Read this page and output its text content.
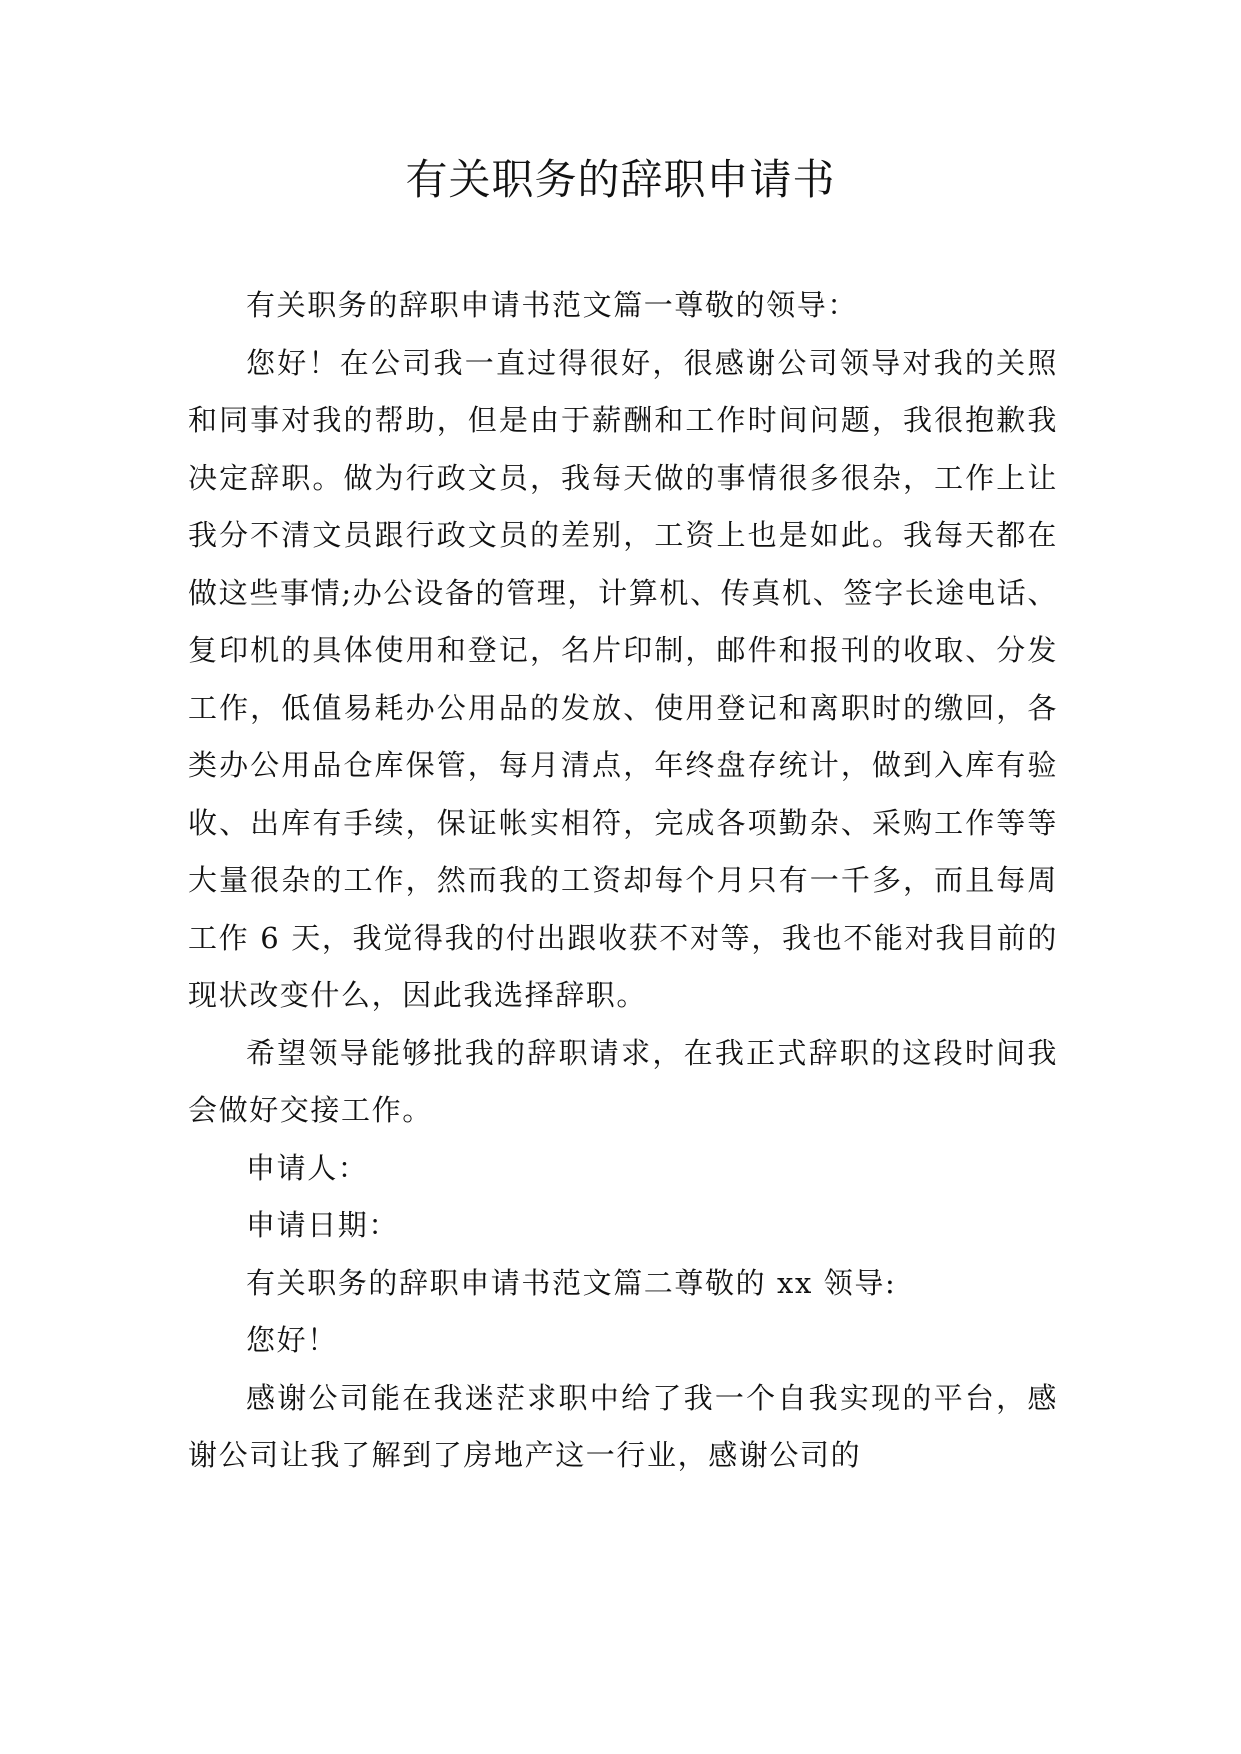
有关职务的辞职申请书

有关职务的辞职申请书范文篇一尊敬的领导：

您好！在公司我一直过得很好，很感谢公司领导对我的关照和同事对我的帮助，但是由于薪酬和工作时间问题，我很抱歉我决定辞职。做为行政文员，我每天做的事情很多很杂，工作上让我分不清文员跟行政文员的差别，工资上也是如此。我每天都在做这些事情;办公设备的管理，计算机、传真机、签字长途电话、复印机的具体使用和登记，名片印制，邮件和报刊的收取、分发工作，低值易耗办公用品的发放、使用登记和离职时的缴回，各类办公用品仓库保管，每月清点，年终盘存统计，做到入库有验收、出库有手续，保证帐实相符，完成各项勤杂、采购工作等等大量很杂的工作，然而我的工资却每个月只有一千多，而且每周工作 6 天，我觉得我的付出跟收获不对等，我也不能对我目前的现状改变什么，因此我选择辞职。

希望领导能够批我的辞职请求，在我正式辞职的这段时间我会做好交接工作。

申请人：

申请日期：

有关职务的辞职申请书范文篇二尊敬的 xx 领导:

您好！

感谢公司能在我迷茫求职中给了我一个自我实现的平台，感谢公司让我了解到了房地产这一行业，感谢公司的
